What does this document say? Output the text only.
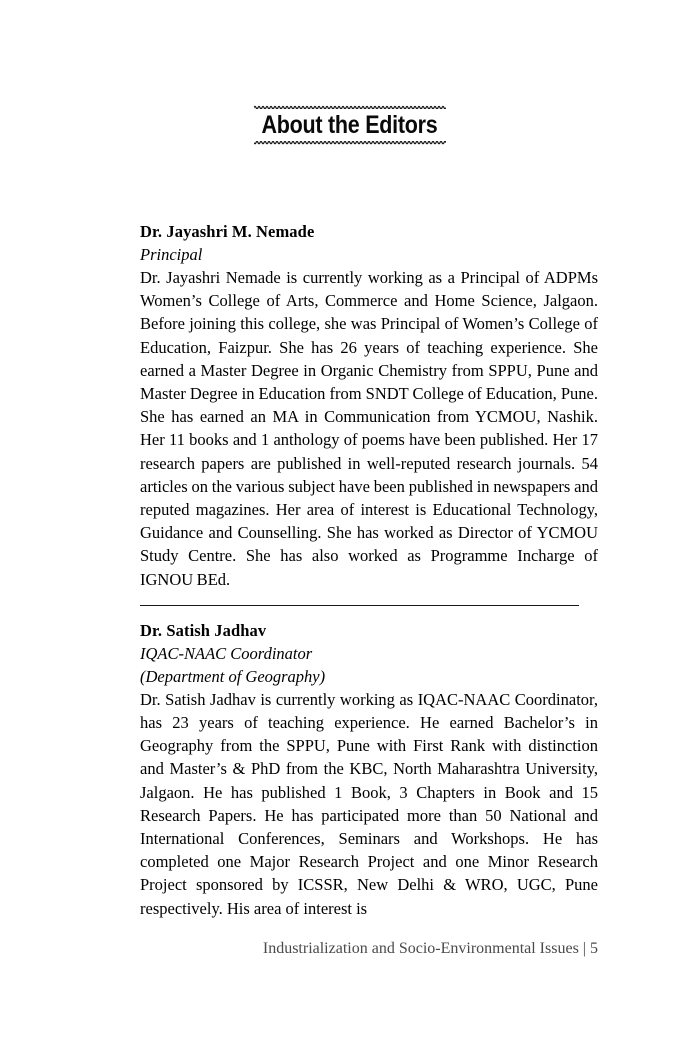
About the Editors

Dr. Jayashri M. Nemade

Principal

Dr. Jayashri Nemade is currently working as a Principal of ADPMs Women’s College of Arts, Commerce and Home Science, Jalgaon. Before joining this college, she was Principal of Women’s College of Education, Faizpur. She has 26 years of teaching experience. She earned a Master Degree in Organic Chemistry from SPPU, Pune and Master Degree in Education from SNDT College of Education, Pune. She has earned an MA in Communication from YCMOU, Nashik. Her 11 books and 1 anthology of poems have been published. Her 17 research papers are published in well-reputed research journals. 54 articles on the various subject have been published in newspapers and reputed magazines. Her area of interest is Educational Technology, Guidance and Counselling. She has worked as Director of YCMOU Study Centre. She has also worked as Programme Incharge of IGNOU BEd.

Dr. Satish Jadhav

IQAC-NAAC Coordinator

(Department of Geography)

Dr. Satish Jadhav is currently working as IQAC-NAAC Coordinator, has 23 years of teaching experience. He earned Bachelor’s in Geography from the SPPU, Pune with First Rank with distinction and Master’s & PhD from the KBC, North Maharashtra University, Jalgaon. He has published 1 Book, 3 Chapters in Book and 15 Research Papers. He has participated more than 50 National and International Conferences, Seminars and Workshops. He has completed one Major Research Project and one Minor Research Project sponsored by ICSSR, New Delhi & WRO, UGC, Pune respectively. His area of interest is

Industrialization and Socio-Environmental Issues | 5
